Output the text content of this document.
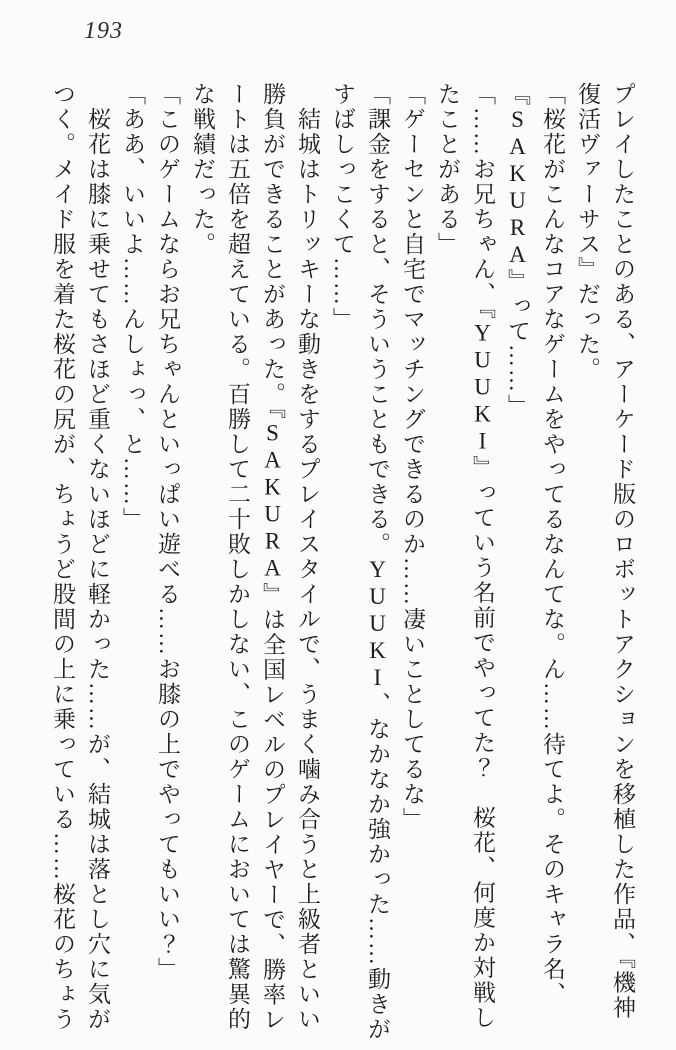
193
プレイしたことのある、アーケード版のロボットアクションを移植した作品、『機神
復活ヴァーサス』だった。
「桜花がこんなコアなゲームをやってるなんてな。ん……待てよ。そのキャラ名、
『SAKURA』って……」
「……お兄ちゃん、『YUUKI』っていう名前でやってた？　桜花、何度か対戦し
たことがある」
「ゲーセンと自宅でマッチングできるのか……凄いことしてるな」
「課金をすると、そういうこともできる。YUUKI、なかなか強かった……動きが
すばしっこくて……」
　結城はトリッキーな動きをするプレイスタイルで、うまく噛み合うと上級者といい
勝負ができることがあった。『SAKURA』は全国レベルのプレイヤーで、勝率レ
ートは五倍を超えている。百勝して二十敗しかしない、このゲームにおいては驚異的
な戦績だった。
「このゲームならお兄ちゃんといっぱい遊べる……お膝の上でやってもいい？」
「ああ、いいよ……んしょっ、と……」
　桜花は膝に乗せてもさほど重くないほどに軽かった……が、結城は落とし穴に気が
つく。メイド服を着た桜花の尻が、ちょうど股間の上に乗っている……桜花のちょう
